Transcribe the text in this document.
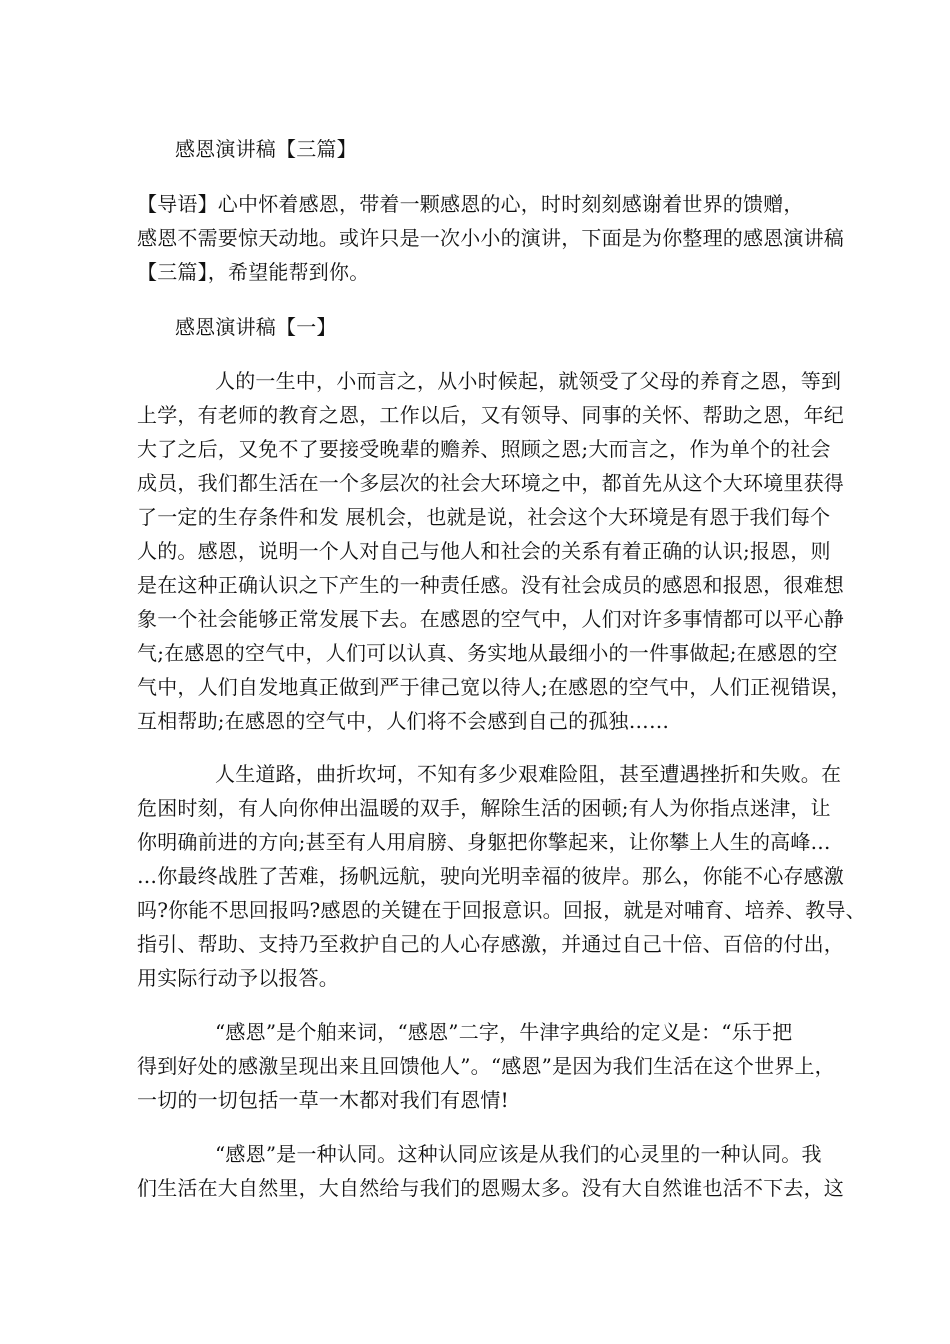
感恩演讲稿【三篇】

【导语】心中怀着感恩，带着一颗感恩的心，时时刻刻感谢着世界的馈赠，

感恩不需要惊天动地。或许只是一次小小的演讲，下面是为你整理的感恩演讲稿

【三篇】，希望能帮到你。

感恩演讲稿【一】

人的一生中，小而言之，从小时候起，就领受了父母的养育之恩，等到

上学，有老师的教育之恩，工作以后，又有领导、同事的关怀、帮助之恩，年纪

大了之后，又免不了要接受晚辈的赡养、照顾之恩;大而言之，作为单个的社会

成员，我们都生活在一个多层次的社会大环境之中，都首先从这个大环境里获得

了一定的生存条件和发 展机会，也就是说，社会这个大环境是有恩于我们每个

人的。感恩，说明一个人对自己与他人和社会的关系有着正确的认识;报恩，则

是在这种正确认识之下产生的一种责任感。没有社会成员的感恩和报恩，很难想

象一个社会能够正常发展下去。在感恩的空气中，人们对许多事情都可以平心静

气;在感恩的空气中，人们可以认真、务实地从最细小的一件事做起;在感恩的空

气中，人们自发地真正做到严于律己宽以待人;在感恩的空气中，人们正视错误，

互相帮助;在感恩的空气中，人们将不会感到自己的孤独……

人生道路，曲折坎坷，不知有多少艰难险阻，甚至遭遇挫折和失败。在

危困时刻，有人向你伸出温暖的双手，解除生活的困顿;有人为你指点迷津，让

你明确前进的方向;甚至有人用肩膀、身躯把你擎起来，让你攀上人生的高峰…

…你最终战胜了苦难，扬帆远航，驶向光明幸福的彼岸。那么，你能不心存感激

吗?你能不思回报吗?感恩的关键在于回报意识。回报，就是对哺育、培养、教导、

指引、帮助、支持乃至救护自己的人心存感激，并通过自己十倍、百倍的付出，

用实际行动予以报答。

“感恩”是个舶来词，“感恩”二字，牛津字典给的定义是：“乐于把

得到好处的感激呈现出来且回馈他人”。“感恩”是因为我们生活在这个世界上，

一切的一切包括一草一木都对我们有恩情!

“感恩”是一种认同。这种认同应该是从我们的心灵里的一种认同。我

们生活在大自然里，大自然给与我们的恩赐太多。没有大自然谁也活不下去，这
